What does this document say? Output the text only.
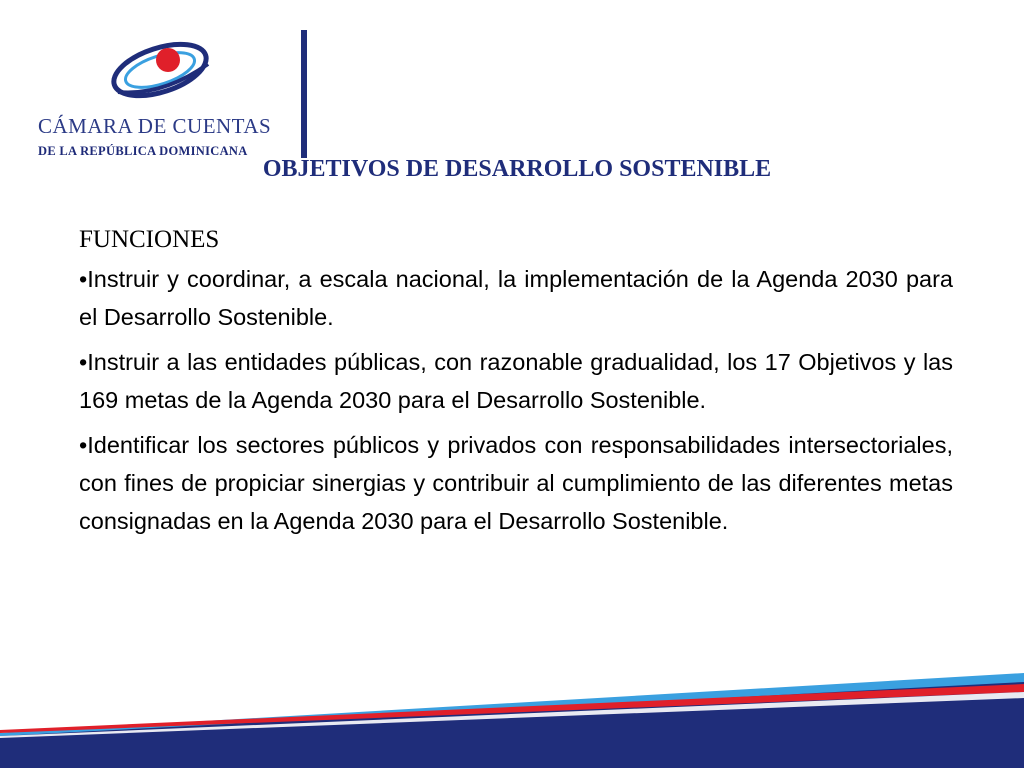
CÁMARA DE CUENTAS
DE LA REPÚBLICA DOMINICANA
OBJETIVOS DE DESARROLLO SOSTENIBLE
FUNCIONES

•Instruir y coordinar, a escala nacional, la implementación de la Agenda 2030 para el Desarrollo Sostenible.

•Instruir a las entidades públicas, con razonable gradualidad, los 17 Objetivos y las 169 metas de la Agenda 2030 para el Desarrollo Sostenible.

•Identificar los sectores públicos y privados con responsabilidades intersectoriales, con fines de propiciar sinergias y contribuir al cumplimiento de las diferentes metas consignadas en la Agenda 2030 para el Desarrollo Sostenible.
